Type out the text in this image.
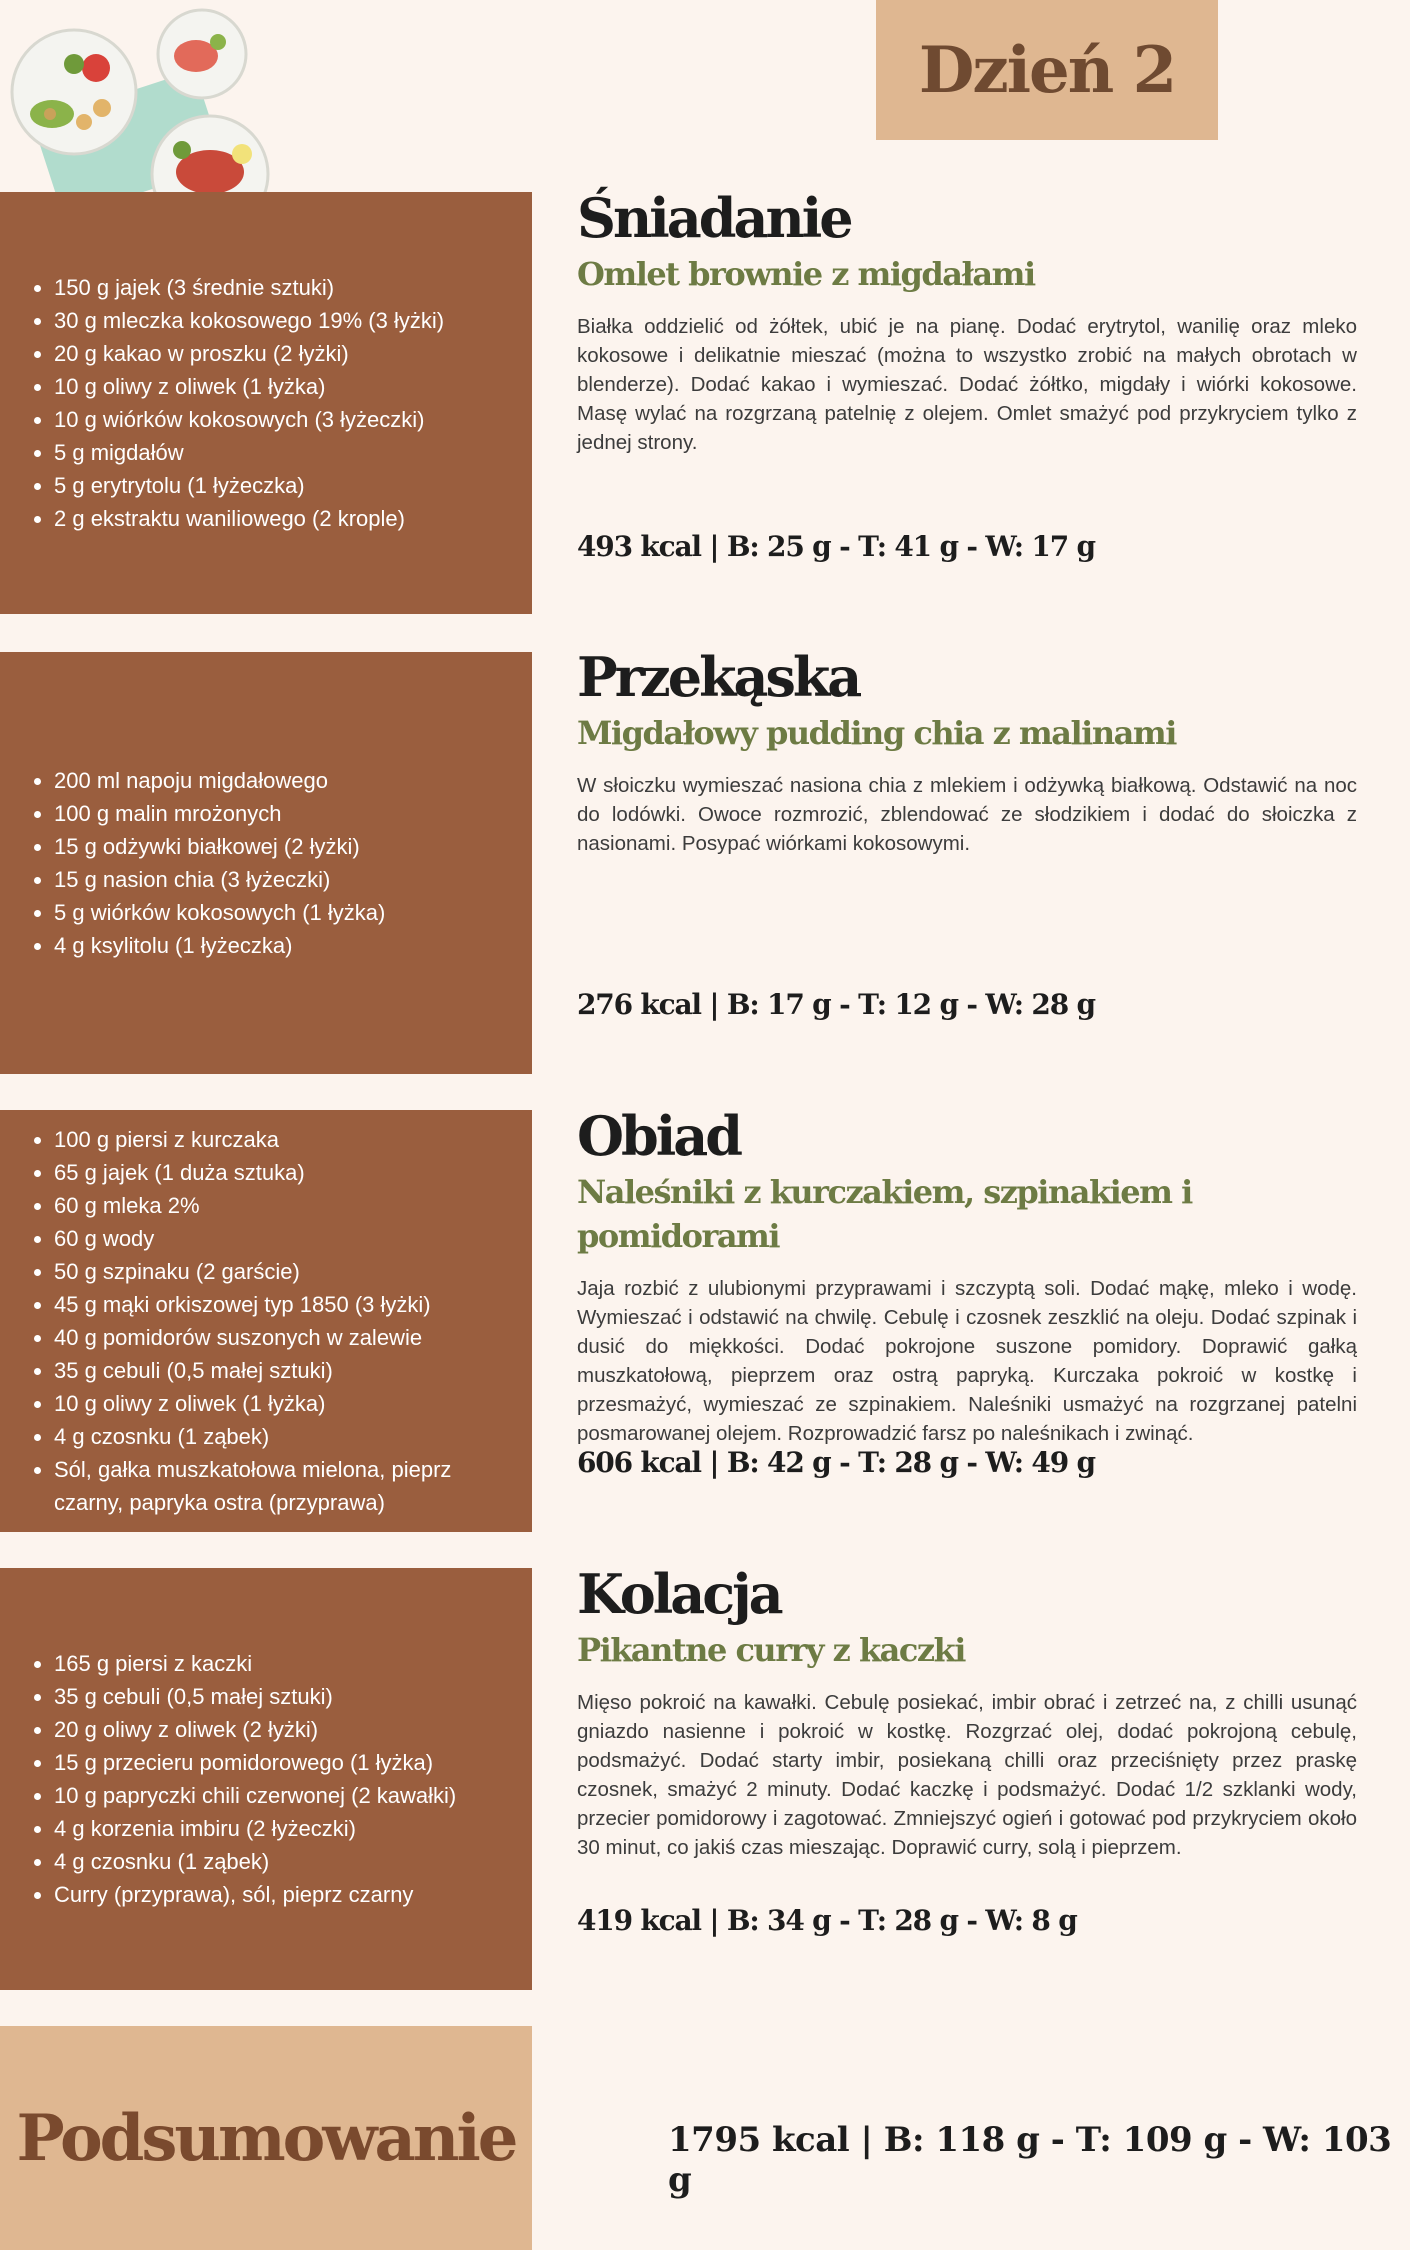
Dzień 2
• 150 g jajek (3 średnie sztuki)
• 30 g mleczka kokosowego 19% (3 łyżki)
• 20 g kakao w proszku (2 łyżki)
• 10 g oliwy z oliwek (1 łyżka)
• 10 g wiórków kokosowych (3 łyżeczki)
• 5 g migdałów
• 5 g erytrytolu (1 łyżeczka)
• 2 g ekstraktu waniliowego (2 krople)
• 200 ml napoju migdałowego
• 100 g malin mrożonych
• 15 g odżywki białkowej (2 łyżki)
• 15 g nasion chia (3 łyżeczki)
• 5 g wiórków kokosowych (1 łyżka)
• 4 g ksylitolu (1 łyżeczka)
• 100 g piersi z kurczaka
• 65 g jajek (1 duża sztuka)
• 60 g mleka 2%
• 60 g wody
• 50 g szpinaku (2 garście)
• 45 g mąki orkiszowej typ 1850 (3 łyżki)
• 40 g pomidorów suszonych w zalewie
• 35 g cebuli (0,5 małej sztuki)
• 10 g oliwy z oliwek (1 łyżka)
• 4 g czosnku (1 ząbek)
• Sól, gałka muszkatołowa mielona, pieprz czarny, papryka ostra (przyprawa)
• 165 g piersi z kaczki
• 35 g cebuli (0,5 małej sztuki)
• 20 g oliwy z oliwek (2 łyżki)
• 15 g przecieru pomidorowego (1 łyżka)
• 10 g papryczki chili czerwonej (2 kawałki)
• 4 g korzenia imbiru (2 łyżeczki)
• 4 g czosnku (1 ząbek)
• Curry (przyprawa), sól, pieprz czarny
Śniadanie
Omlet brownie z migdałami
Białka oddzielić od żółtek, ubić je na pianę. Dodać erytrytol, wanilię oraz mleko kokosowe i delikatnie mieszać (można to wszystko zrobić na małych obrotach w blenderze). Dodać kakao i wymieszać. Dodać żółtko, migdały i wiórki kokosowe. Masę wylać na rozgrzaną patelnię z olejem. Omlet smażyć pod przykryciem tylko z jednej strony.
493 kcal | B: 25 g - T: 41 g - W: 17 g
Przekąska
Migdałowy pudding chia z malinami
W słoiczku wymieszać nasiona chia z mlekiem i odżywką białkową. Odstawić na noc do lodówki. Owoce rozmrozić, zblendować ze słodzikiem i dodać do słoiczka z nasionami. Posypać wiórkami kokosowymi.
276 kcal | B: 17 g - T: 12 g - W: 28 g
Obiad
Naleśniki z kurczakiem, szpinakiem i pomidorami
Jaja rozbić z ulubionymi przyprawami i szczyptą soli. Dodać mąkę, mleko i wodę. Wymieszać i odstawić na chwilę. Cebulę i czosnek zeszklić na oleju. Dodać szpinak i dusić do miękkości. Dodać pokrojone suszone pomidory. Doprawić gałką muszkatołową, pieprzem oraz ostrą papryką. Kurczaka pokroić w kostkę i przesmażyć, wymieszać ze szpinakiem. Naleśniki usmażyć na rozgrzanej patelni posmarowanej olejem. Rozprowadzić farsz po naleśnikach i zwinąć.
606 kcal | B: 42 g - T: 28 g - W: 49 g
Kolacja
Pikantne curry z kaczki
Mięso pokroić na kawałki. Cebulę posiekać, imbir obrać i zetrzeć na, z chilli usunąć gniazdo nasienne i pokroić w kostkę. Rozgrzać olej, dodać pokrojoną cebulę, podsmażyć. Dodać starty imbir, posiekaną chilli oraz przeciśnięty przez praskę czosnek, smażyć 2 minuty. Dodać kaczkę i podsmażyć. Dodać 1/2 szklanki wody, przecier pomidorowy i zagotować. Zmniejszyć ogień i gotować pod przykryciem około 30 minut, co jakiś czas mieszając. Doprawić curry, solą i pieprzem.
419 kcal | B: 34 g - T: 28 g - W: 8 g
Podsumowanie	1795 kcal | B: 118 g - T: 109 g - W: 103 g
